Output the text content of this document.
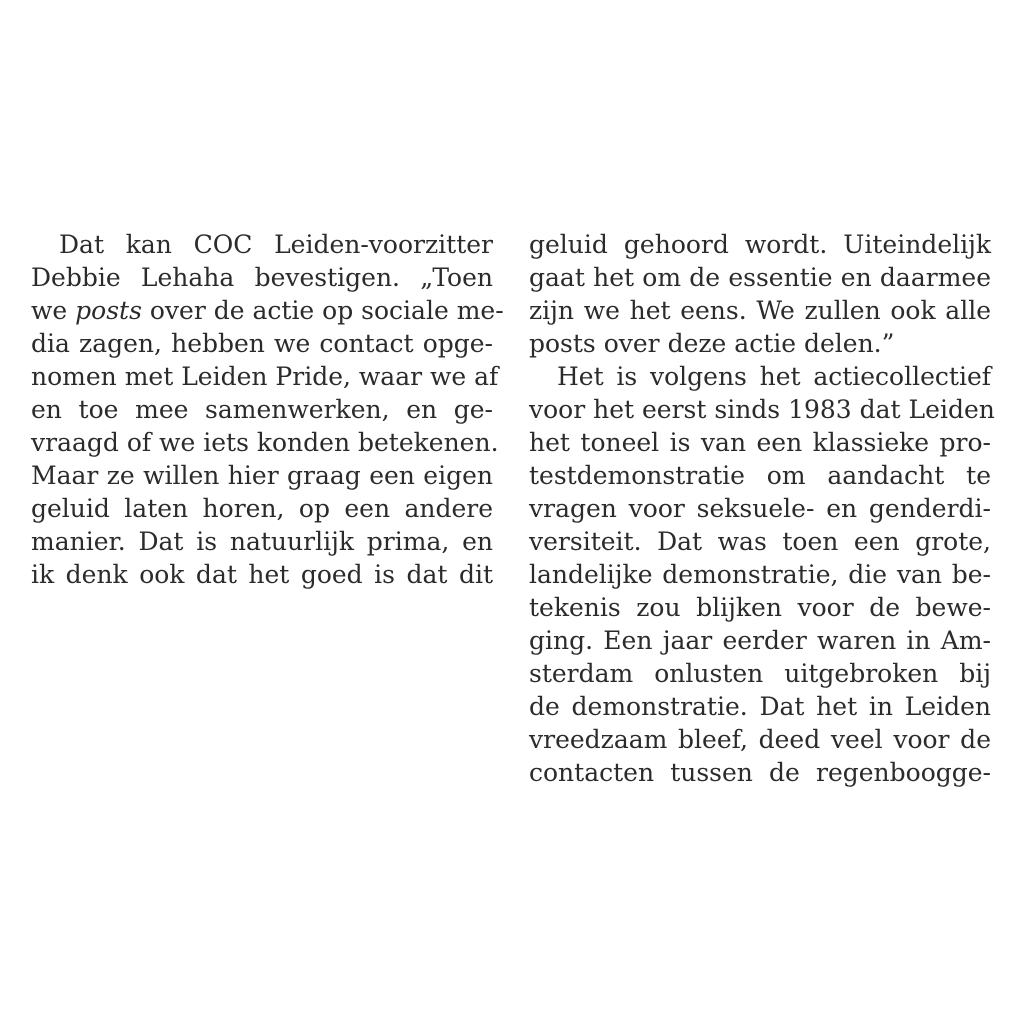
Dat kan COC Leiden-voorzitter
Debbie Lehaha bevestigen. „Toen
we posts over de actie op sociale me-
dia zagen, hebben we contact opge-
nomen met Leiden Pride, waar we af
en toe mee samenwerken, en ge-
vraagd of we iets konden betekenen.
Maar ze willen hier graag een eigen
geluid laten horen, op een andere
manier. Dat is natuurlijk prima, en
ik denk ook dat het goed is dat dit
geluid gehoord wordt. Uiteindelijk
gaat het om de essentie en daarmee
zijn we het eens. We zullen ook alle
posts over deze actie delen.”
Het is volgens het actiecollectief
voor het eerst sinds 1983 dat Leiden
het toneel is van een klassieke pro-
testdemonstratie om aandacht te
vragen voor seksuele- en genderdi-
versiteit. Dat was toen een grote,
landelijke demonstratie, die van be-
tekenis zou blijken voor de bewe-
ging. Een jaar eerder waren in Am-
sterdam onlusten uitgebroken bij
de demonstratie. Dat het in Leiden
vreedzaam bleef, deed veel voor de
contacten tussen de regenboogge-
